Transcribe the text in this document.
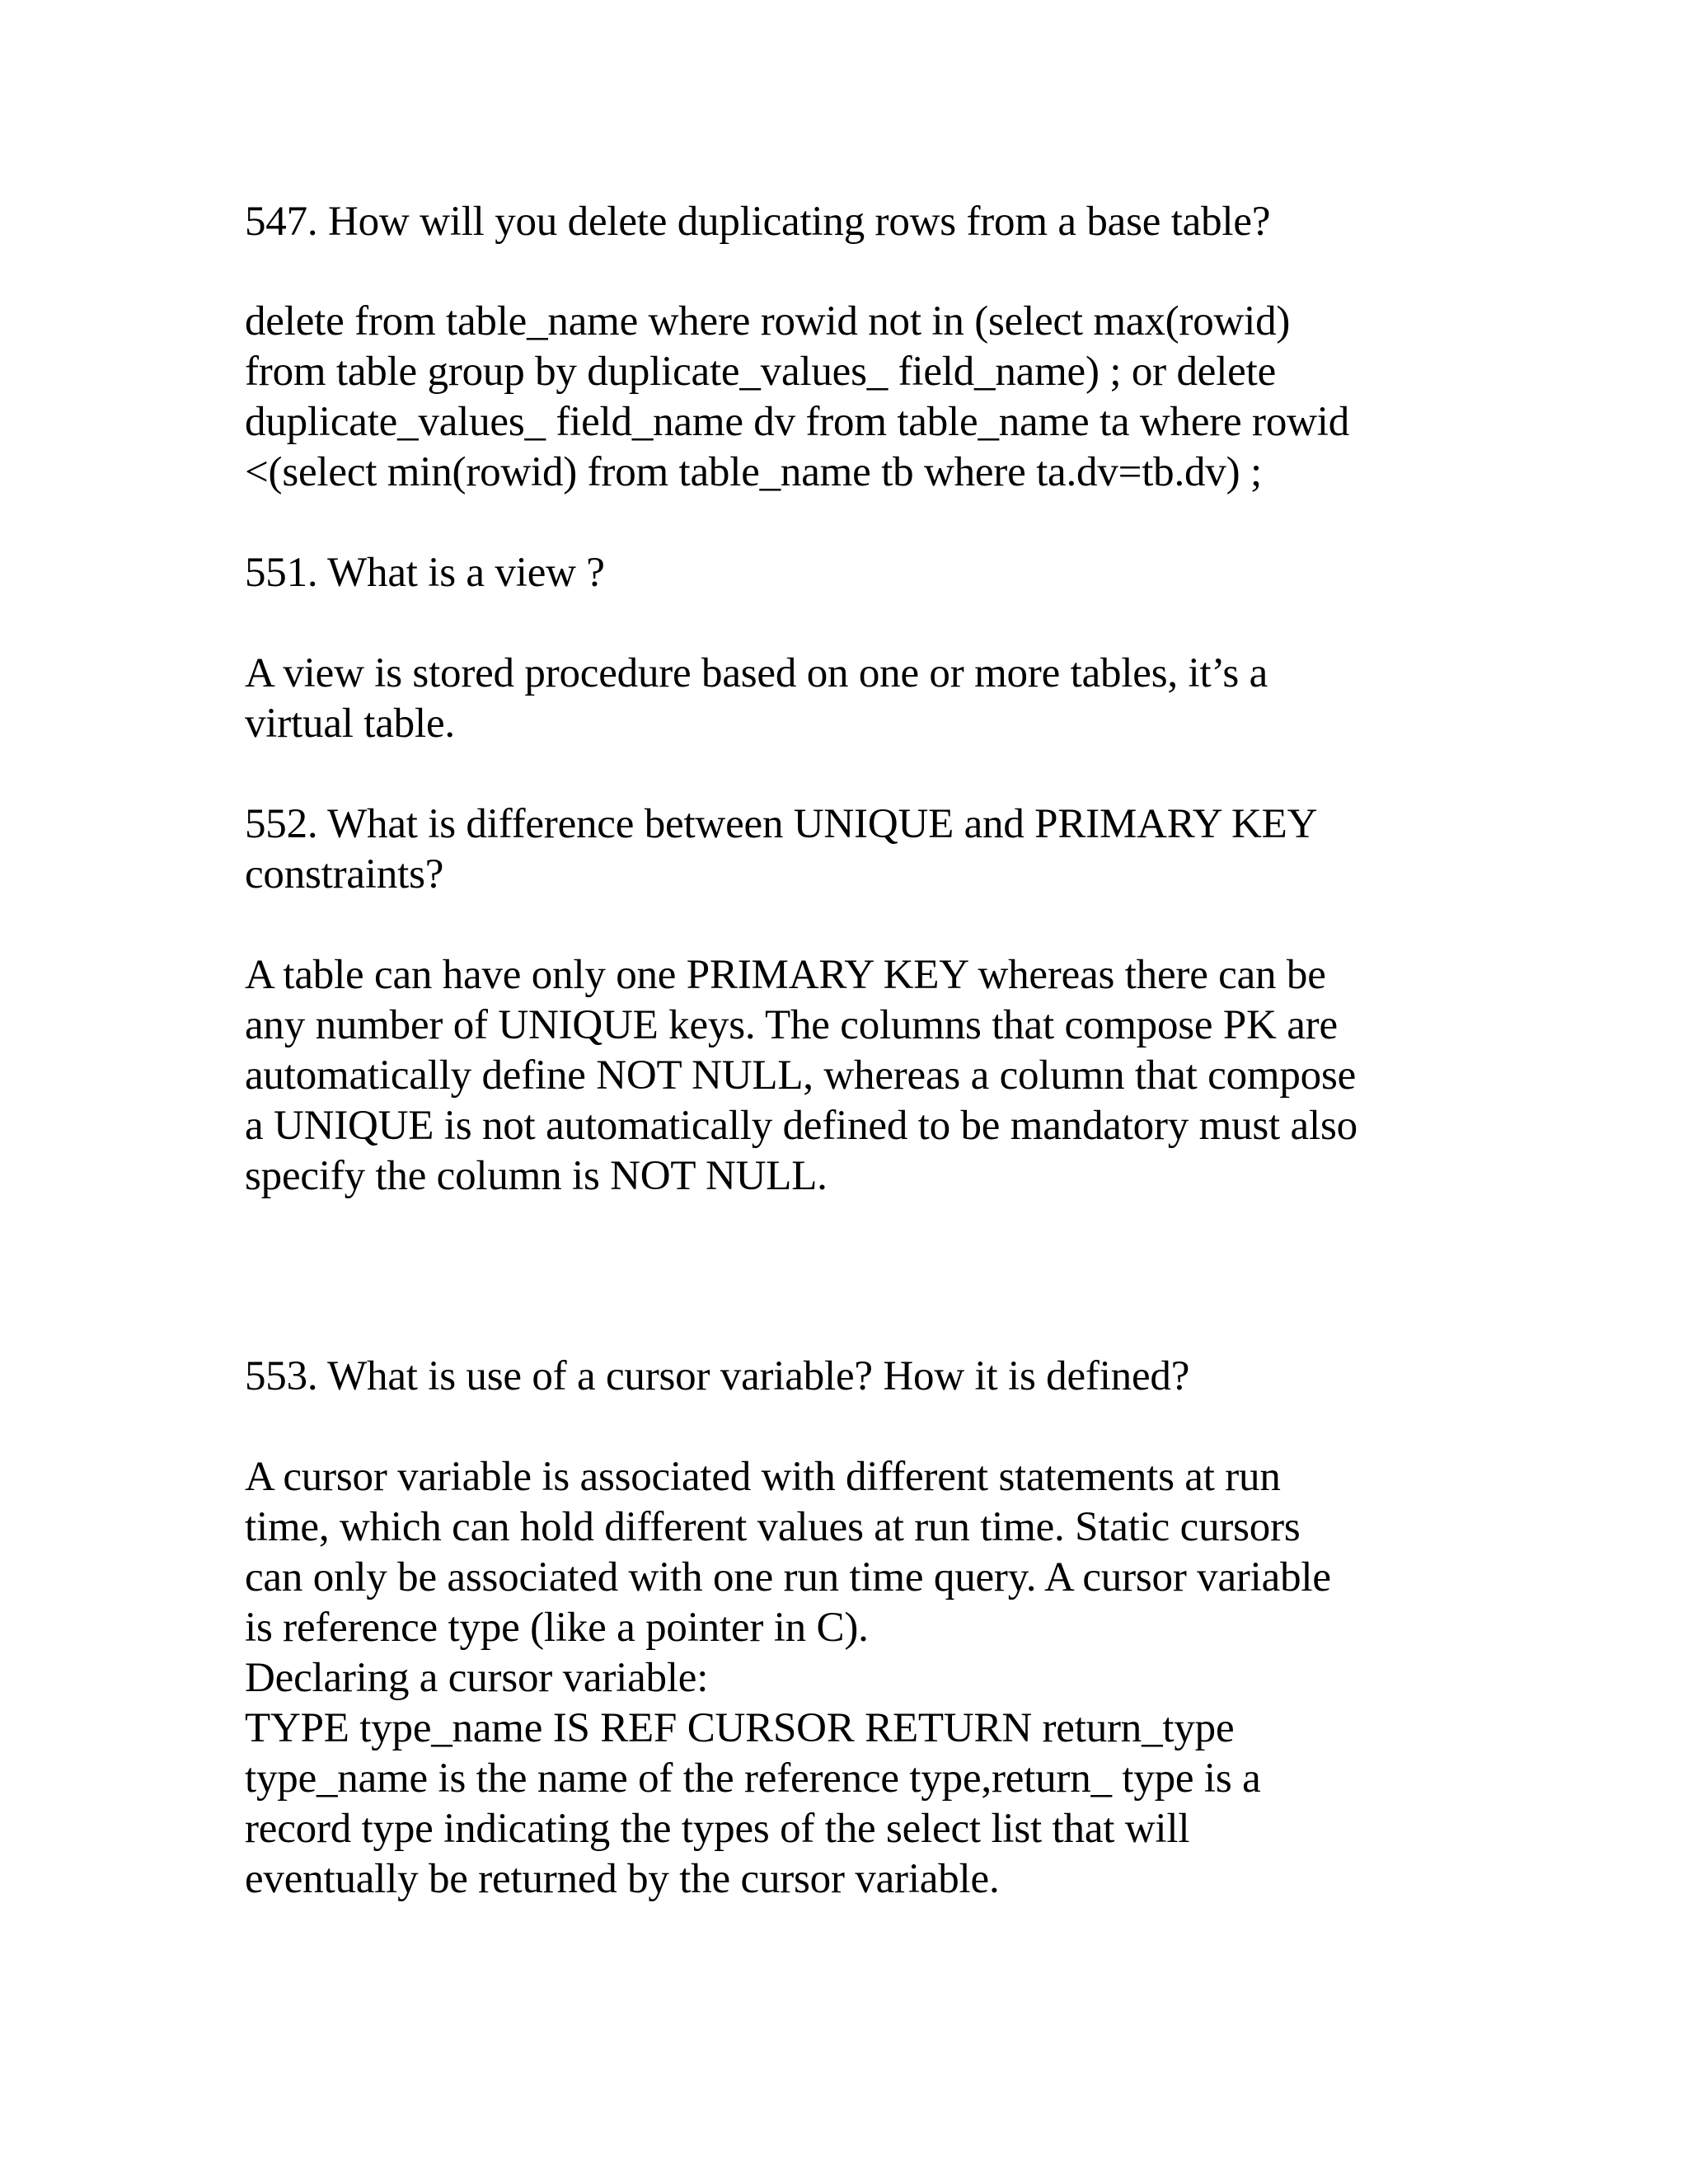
547. How will you delete duplicating rows from a base table?
delete from table_name where rowid not in (select max(rowid)
from table group by duplicate_values_ field_name) ; or delete
duplicate_values_ field_name dv from table_name ta where rowid
<(select min(rowid) from table_name tb where ta.dv=tb.dv) ;
551. What is a view ?
A view is stored procedure based on one or more tables, it’s a
virtual table.
552. What is difference between UNIQUE and PRIMARY KEY
constraints?
A table can have only one PRIMARY KEY whereas there can be
any number of UNIQUE keys. The columns that compose PK are
automatically define NOT NULL, whereas a column that compose
a UNIQUE is not automatically defined to be mandatory must also
specify the column is NOT NULL.
553. What is use of a cursor variable? How it is defined?
A cursor variable is associated with different statements at run
time, which can hold different values at run time. Static cursors
can only be associated with one run time query. A cursor variable
is reference type (like a pointer in C).
Declaring a cursor variable:
TYPE type_name IS REF CURSOR RETURN return_type
type_name is the name of the reference type,return_ type is a
record type indicating the types of the select list that will
eventually be returned by the cursor variable.
